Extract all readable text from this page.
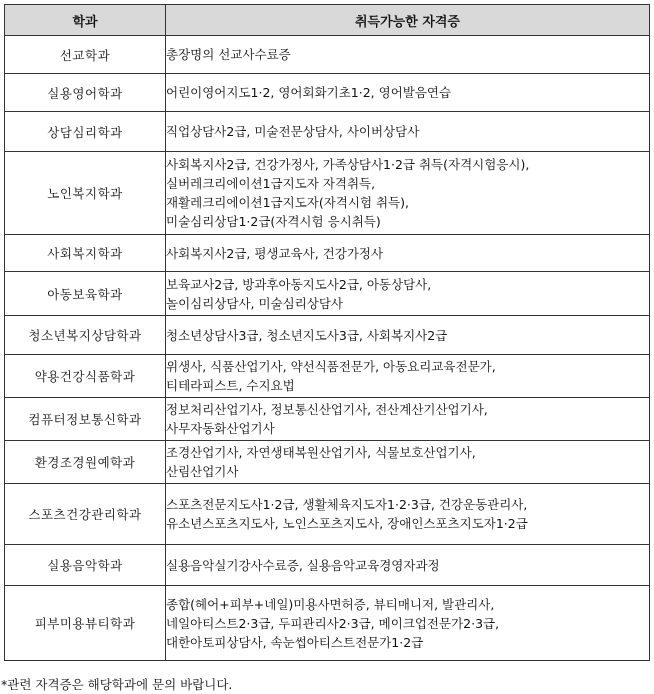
학과	취득가능한 자격증
선교학과	총장명의 선교사수료증

실용영어학과	어린이영어지도1·2, 영어회화기초1·2, 영어발음연습

상담심리학과	직업상담사2급, 미술전문상담사, 사이버상담사

노인복지학과	사회복지사2급, 건강가정사, 가족상담사1·2급 취득(자격시험응시),
실버레크리에이션1급지도자 자격취득,
재활레크리에이션1급지도자(자격시험 취득),
미술심리상담1·2급(자격시험 응시취득)

사회복지학과	사회복지사2급, 평생교육사, 건강가정사

아동보육학과	보육교사2급, 방과후아동지도사2급, 아동상담사,
놀이심리상담사, 미술심리상담사

청소년복지상담학과	청소년상담사3급, 청소년지도사3급, 사회복지사2급

약용건강식품학과	위생사, 식품산업기사, 약선식품전문가, 아동요리교육전문가,
티테라피스트, 수지요법

컴퓨터정보통신학과	정보처리산업기사, 정보통신산업기사, 전산계산기산업기사,
사무자동화산업기사

환경조경원예학과	조경산업기사, 자연생태복원산업기사, 식물보호산업기사,
산림산업기사

스포츠건강관리학과	스포츠전문지도사1·2급, 생활체육지도자1·2·3급, 건강운동관리사,
유소년스포츠지도사, 노인스포츠지도사, 장애인스포츠지도자1·2급

실용음악학과	실용음악실기강사수료증, 실용음악교육경영자과정

피부미용뷰티학과	종합(헤어+피부+네일)미용사면허증, 뷰티매니저, 발관리사,
네일아티스트2·3급, 두피관리사2·3급, 메이크업전문가2·3급,
대한아토피상담사, 속눈썹아티스트전문가1·2급
*관련 자격증은 해당학과에 문의 바랍니다.
